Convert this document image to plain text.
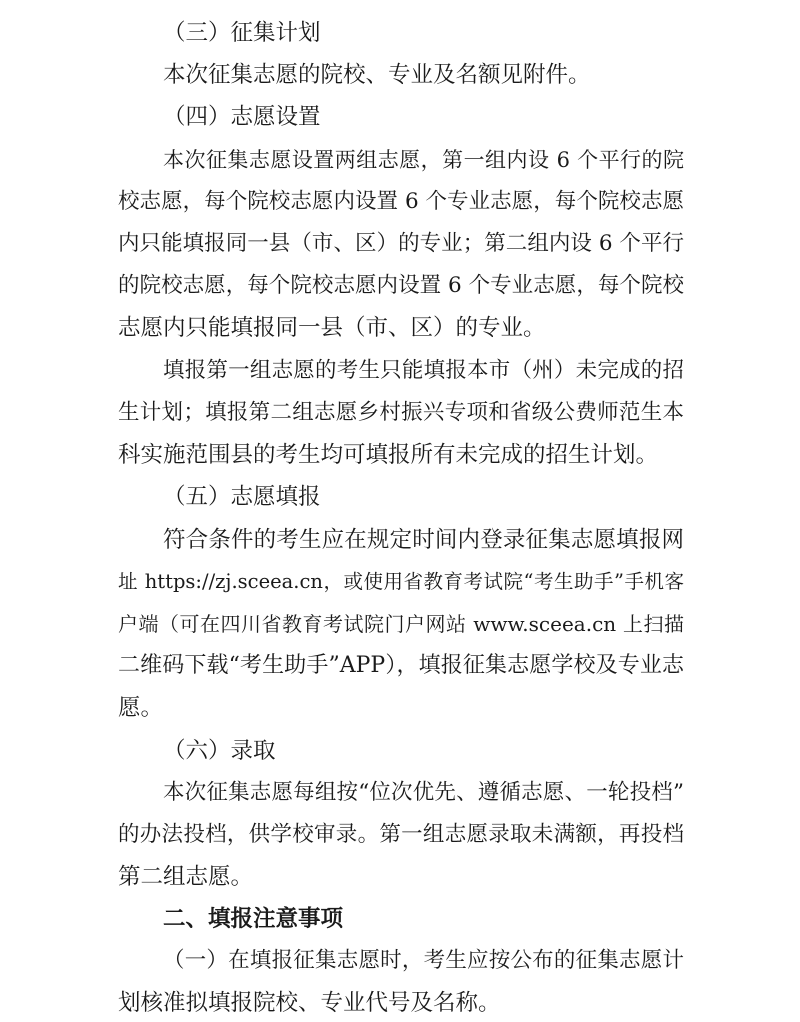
（三）征集计划
本次征集志愿的院校、专业及名额见附件。
（四）志愿设置
本次征集志愿设置两组志愿，第一组内设 6 个平行的院
校志愿，每个院校志愿内设置 6 个专业志愿，每个院校志愿
内只能填报同一县（市、区）的专业；第二组内设 6 个平行
的院校志愿，每个院校志愿内设置 6 个专业志愿，每个院校
志愿内只能填报同一县（市、区）的专业。
填报第一组志愿的考生只能填报本市（州）未完成的招
生计划；填报第二组志愿乡村振兴专项和省级公费师范生本
科实施范围县的考生均可填报所有未完成的招生计划。
（五）志愿填报
符合条件的考生应在规定时间内登录征集志愿填报网
址 https://zj.sceea.cn，或使用省教育考试院“考生助手”手机客
户端（可在四川省教育考试院门户网站 www.sceea.cn 上扫描
二维码下载“考生助手”APP），填报征集志愿学校及专业志
愿。
（六）录取
本次征集志愿每组按“位次优先、遵循志愿、一轮投档”
的办法投档，供学校审录。第一组志愿录取未满额，再投档
第二组志愿。
二、填报注意事项
（一）在填报征集志愿时，考生应按公布的征集志愿计
划核准拟填报院校、专业代号及名称。
